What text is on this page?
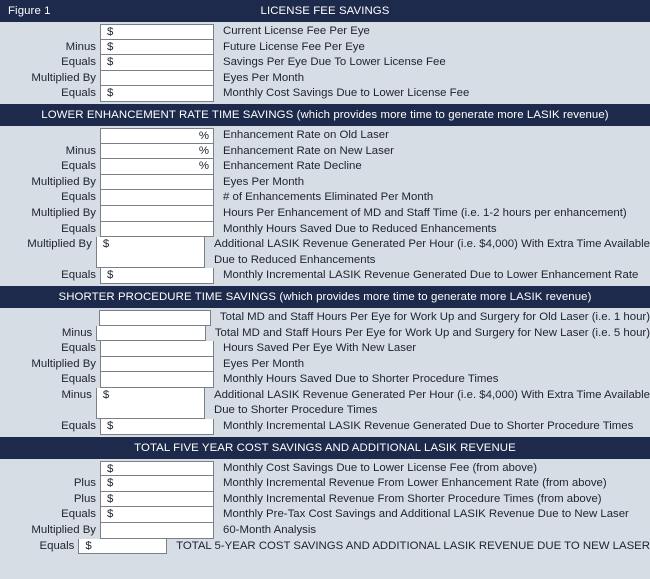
Figure 1	LICENSE FEE SAVINGS
$	Current License Fee Per Eye
Minus $	Future License Fee Per Eye
Equals $	Savings Per Eye Due To Lower License Fee
Multiplied By	Eyes Per Month
Equals $	Monthly Cost Savings Due to Lower License Fee
LOWER ENHANCEMENT RATE TIME SAVINGS (which provides more time to generate more LASIK revenue)
%	Enhancement Rate on Old Laser
Minus	%	Enhancement Rate on New Laser
Equals	%	Enhancement Rate Decline
Multiplied By	Eyes Per Month
Equals	# of Enhancements Eliminated Per Month
Multiplied By	Hours Per Enhancement of MD and Staff Time (i.e. 1-2 hours per enhancement)
Equals	Monthly Hours Saved Due to Reduced Enhancements
Multiplied By $	Additional LASIK Revenue Generated Per Hour (i.e. $4,000) With Extra Time Available
Due to Reduced Enhancements
Equals $	Monthly Incremental LASIK Revenue Generated Due to Lower Enhancement Rate
SHORTER PROCEDURE TIME SAVINGS (which provides more time to generate more LASIK revenue)
Total MD and Staff Hours Per Eye for Work Up and Surgery for Old Laser (i.e. 1 hour)
Minus	Total MD and Staff Hours Per Eye for Work Up and Surgery for New Laser (i.e. 5 hour)
Equals	Hours Saved Per Eye With New Laser
Multiplied By	Eyes Per Month
Equals	Monthly Hours Saved Due to Shorter Procedure Times
Minus $	Additional LASIK Revenue Generated Per Hour (i.e. $4,000) With Extra Time Available
Due to Shorter Procedure Times
Equals $	Monthly Incremental LASIK Revenue Generated Due to Shorter Procedure Times
TOTAL FIVE YEAR COST SAVINGS AND ADDITIONAL LASIK REVENUE
$	Monthly Cost Savings Due to Lower License Fee (from above)
Plus $	Monthly Incremental Revenue From Lower Enhancement Rate (from above)
Plus $	Monthly Incremental Revenue From Shorter Procedure Times (from above)
Equals $	Monthly Pre-Tax Cost Savings and Additional LASIK Revenue Due to New Laser
Multiplied By	60-Month Analysis
Equals $	TOTAL 5-YEAR COST SAVINGS AND ADDITIONAL LASIK REVENUE DUE TO NEW LASER
